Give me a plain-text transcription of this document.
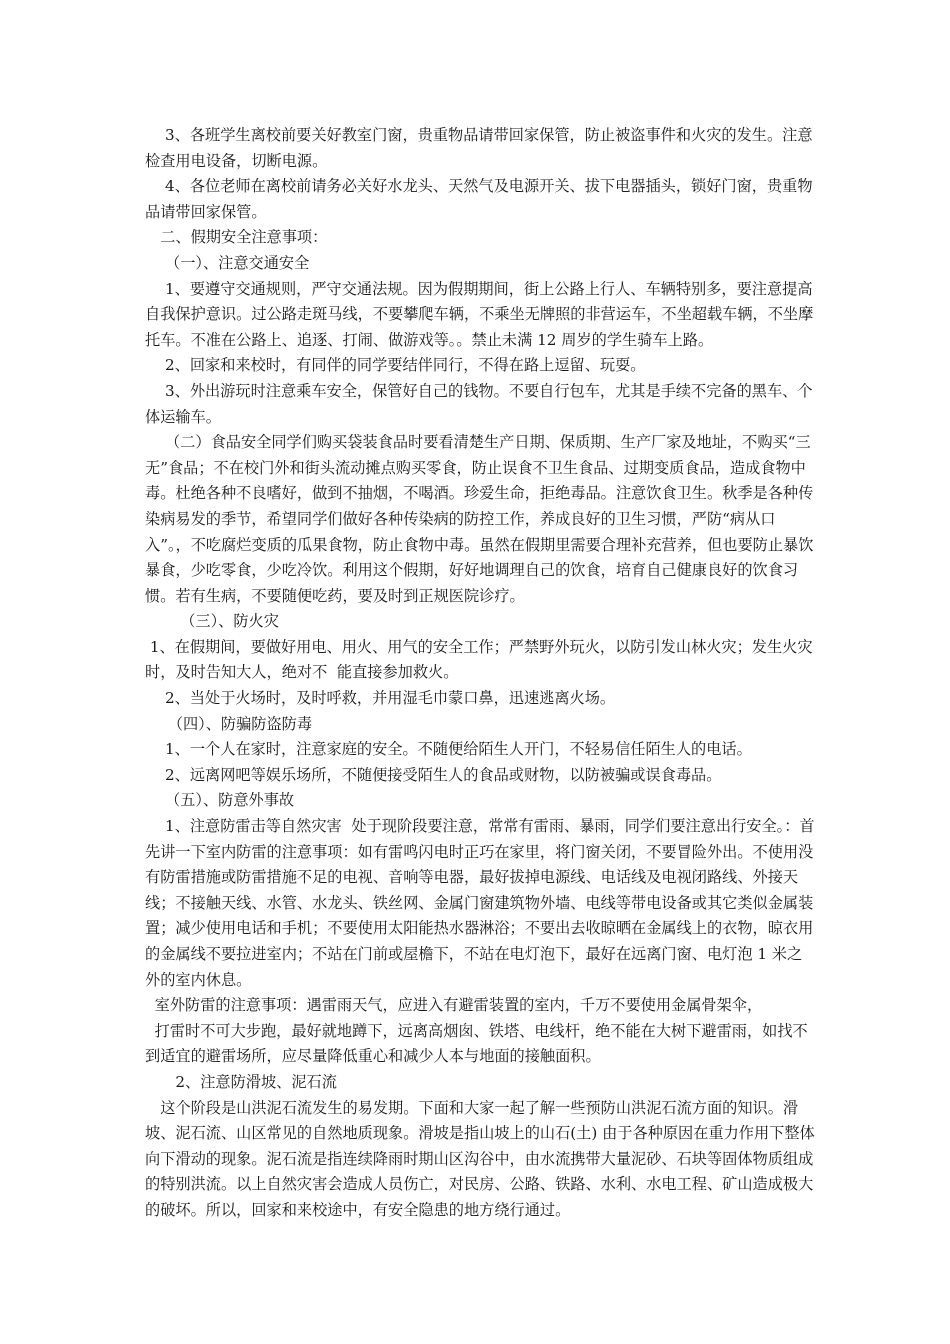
　 3、各班学生离校前要关好教室门窗，贵重物品请带回家保管，防止被盗事件和火灾的发生。注意检查用电设备，切断电源。

　 4、各位老师在离校前请务必关好水龙头、天然气及电源开关、拔下电器插头，锁好门窗，贵重物品请带回家保管。

　二、假期安全注意事项：

　 （一）、注意交通安全

　 1、要遵守交通规则，严守交通法规。因为假期期间，街上公路上行人、车辆特别多，要注意提高自我保护意识。过公路走斑马线，不要攀爬车辆，不乘坐无牌照的非营运车，不坐超载车辆，不坐摩托车。不准在公路上、追逐、打闹、做游戏等。。禁止未满 12 周岁的学生骑车上路。

　 2、回家和来校时，有同伴的同学要结伴同行，不得在路上逗留、玩耍。

　 3、外出游玩时注意乘车安全，保管好自己的钱物。不要自行包车，尤其是手续不完备的黑车、个体运输车。

　 （二）食品安全同学们购买袋装食品时要看清楚生产日期、保质期、生产厂家及地址，不购买“三无”食品；不在校门外和街头流动摊点购买零食，防止误食不卫生食品、过期变质食品，造成食物中毒。杜绝各种不良嗜好，做到不抽烟，不喝酒。珍爱生命，拒绝毒品。注意饮食卫生。秋季是各种传染病易发的季节，希望同学们做好各种传染病的防控工作，养成良好的卫生习惯，严防“病从口入”。，不吃腐烂变质的瓜果食物，防止食物中毒。虽然在假期里需要合理补充营养，但也要防止暴饮暴食，少吃零食，少吃冷饮。利用这个假期，好好地调理自己的饮食，培育自己健康良好的饮食习惯。若有生病，不要随便吃药，要及时到正规医院诊疗。

　　 （三）、防火灾

1、在假期间，要做好用电、用火、用气的安全工作；严禁野外玩火，以防引发山林火灾；发生火灾时，及时告知大人，绝对不  能直接参加救火。

　 2、当处于火场时，及时呼救，并用湿毛巾蒙口鼻，迅速逃离火场。

　　（四）、防骗防盗防毒

　 1、一个人在家时，注意家庭的安全。不随便给陌生人开门，不轻易信任陌生人的电话。

　 2、远离网吧等娱乐场所，不随便接受陌生人的食品或财物，以防被骗或误食毒品。

　 （五）、防意外事故

　 1、注意防雷击等自然灾害  处于现阶段要注意，常常有雷雨、暴雨，同学们要注意出行安全。：首先讲一下室内防雷的注意事项：如有雷鸣闪电时正巧在家里，将门窗关闭，不要冒险外出。不使用没有防雷措施或防雷措施不足的电视、音响等电器，最好拔掉电源线、电话线及电视闭路线、外接天线；不接触天线、水管、水龙头、铁丝网、金属门窗建筑物外墙、电线等带电设备或其它类似金属装置；减少使用电话和手机；不要使用太阳能热水器淋浴；不要出去收晾晒在金属线上的衣物，晾衣用的金属线不要拉进室内；不站在门前或屋檐下，不站在电灯泡下，最好在远离门窗、电灯泡 1 米之外的室内休息。

室外防雷的注意事项：遇雷雨天气，应进入有避雷装置的室内，千万不要使用金属骨架伞，

打雷时不可大步跑，最好就地蹲下，远离高烟囱、铁塔、电线杆，绝不能在大树下避雷雨，如找不到适宜的避雷场所，应尽量降低重心和减少人本与地面的接触面积。

　　2、注意防滑坡、泥石流

　这个阶段是山洪泥石流发生的易发期。下面和大家一起了解一些预防山洪泥石流方面的知识。滑坡、泥石流、山区常见的自然地质现象。滑坡是指山坡上的山石(土) 由于各种原因在重力作用下整体向下滑动的现象。泥石流是指连续降雨时期山区沟谷中，由水流携带大量泥砂、石块等固体物质组成的特别洪流。以上自然灾害会造成人员伤亡，对民房、公路、铁路、水利、水电工程、矿山造成极大的破坏。所以，回家和来校途中，有安全隐患的地方绕行通过。
